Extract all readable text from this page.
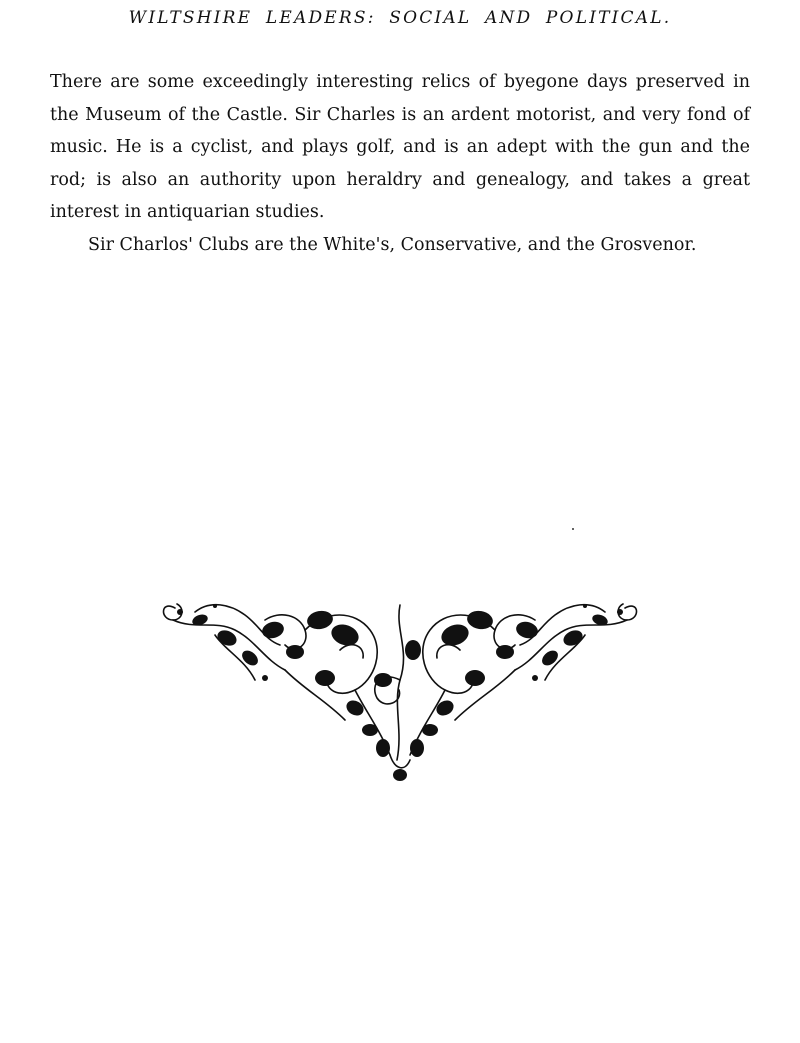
WILTSHIRE LEADERS: SOCIAL AND POLITICAL.

There are some exceedingly interesting relics of byegone days preserved in the Museum of the Castle. Sir Charles is an ardent motorist, and very fond of music. He is a cyclist, and plays golf, and is an adept with the gun and the rod; is also an authority upon heraldry and genealogy, and takes a great interest in antiquarian studies.

Sir Charlos' Clubs are the White's, Conservative, and the Grosvenor.
